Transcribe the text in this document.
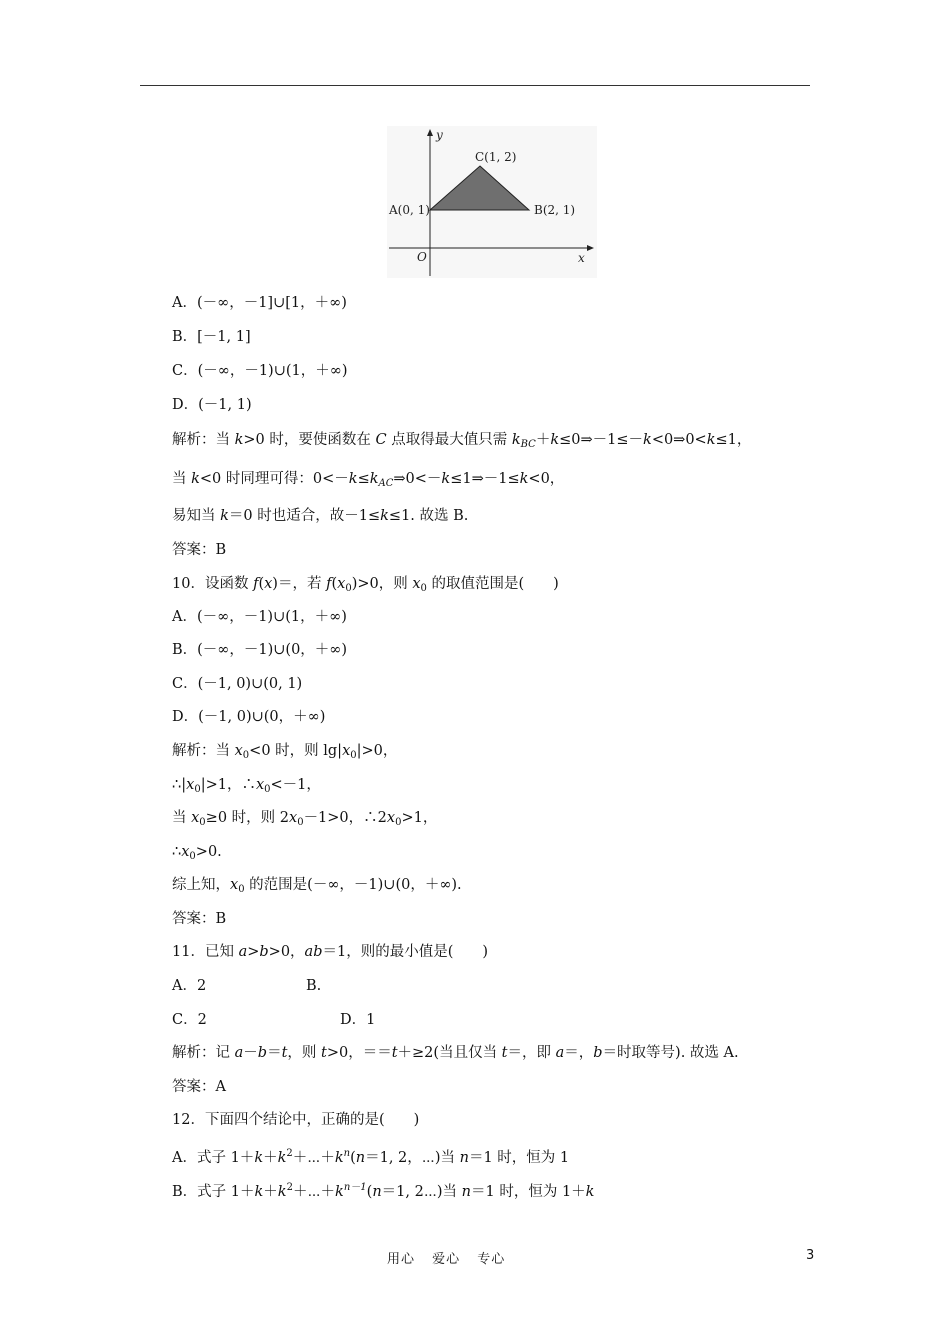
y
x
O
A(0, 1)	B(2, 1)
C(1, 2)
A．(－∞，－1]∪[1，＋∞)
B．[－1, 1]
C．(－∞，－1)∪(1，＋∞)
D．(－1, 1)
解析：当 k>0 时，要使函数在 C 点取得最大值只需 $k_{BC}+k\le 0\Rightarrow-1\le-k<0\Rightarrow 0<k\le 1$，
当 k<0 时同理可得：$0<-k\le k_{AC}\Rightarrow 0<-k\le 1\Rightarrow-1\le k<0$，
易知当 k＝0 时也适合，故－1≤k≤1. 故选 B.
答案：B
10．设函数 f(x)＝，若 $f(x_0)>0$，则 $x_0$ 的取值范围是(　　)
A．(－∞，－1)∪(1，＋∞)
B．(－∞，－1)∪(0，＋∞)
C．(－1, 0)∪(0, 1)
D．(－1, 0)∪(0，＋∞)
解析：当 $x_0<0$ 时，则 $\lg|x_0|>0$，
$\therefore|x_0|>1$，$\therefore x_0<-1$，
当 $x_0\ge 0$ 时，则 $2x_0-1>0$，$\therefore 2x_0>1$，
$\therefore x_0>0$.
综上知，$x_0$ 的范围是(－∞，－1)∪(0，＋∞).
答案：B
11．已知 a>b>0，ab＝1，则的最小值是(　　)
A．2	B.
C．2	D．1
解析：记 a－b＝t，则 t>0，＝＝t＋≥2(当且仅当 t＝，即 a＝，b＝时取等号). 故选 A.
答案：A
12．下面四个结论中，正确的是(　　)
A．式子 $1+k+k^2+\cdots+k^n(n=1$, 2，⋯)当 n＝1 时，恒为 1
B．式子 $1+k+k^2+\cdots+k^{n-1}(n=1$, 2⋯)当 n＝1 时，恒为 1＋k
用心 爱心 专心	3
